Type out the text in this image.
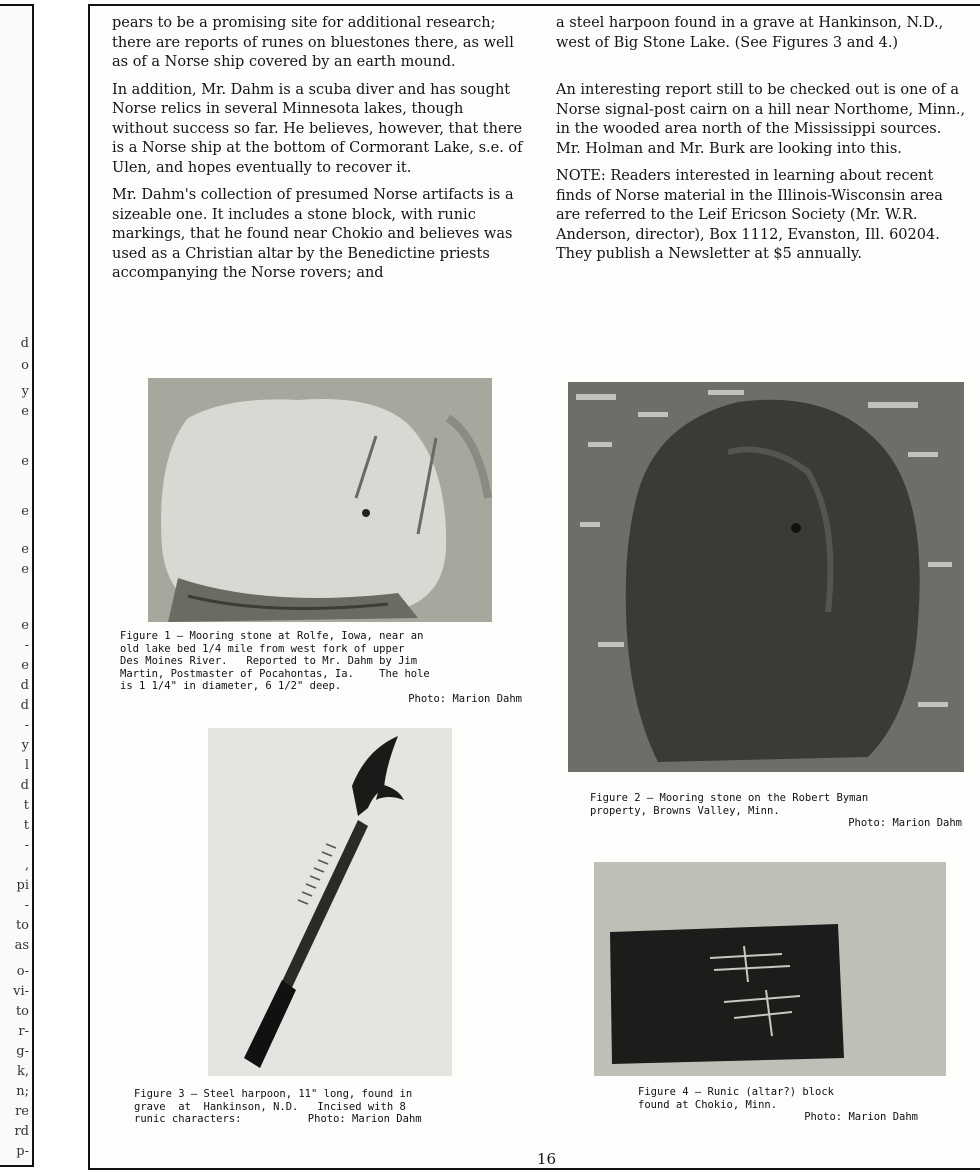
d
o
y
e
e
e
e
e
e
-
e
d
d
-
y
l
d
t
t
-
,
pi
-
to
as
o-
vi-
to
r-
g-
k,
n;
re
rd
p-

pears to be a promising site for additional research; there are reports of runes on bluestones there, as well as of a Norse ship covered by an earth mound.

In addition, Mr. Dahm is a scuba diver and has sought Norse relics in several Minnesota lakes, though without success so far. He believes, however, that there is a Norse ship at the bottom of Cormorant Lake, s.e. of Ulen, and hopes eventually to recover it.

Mr. Dahm's collection of presumed Norse artifacts is a sizeable one. It includes a stone block, with runic markings, that he found near Chokio and believes was used as a Christian altar by the Benedictine priests accompanying the Norse rovers; and

a steel harpoon found in a grave at Hankinson, N.D., west of Big Stone Lake. (See Figures 3 and 4.)

An interesting report still to be checked out is one of a Norse signal-post cairn on a hill near Northome, Minn., in the wooded area north of the Mississippi sources. Mr. Holman and Mr. Burk are looking into this.

NOTE: Readers interested in learning about recent finds of Norse material in the Illinois-Wisconsin area are referred to the Leif Ericson Society (Mr. W.R. Anderson, director), Box 1112, Evanston, Ill. 60204. They publish a Newsletter at $5 annually.

Figure 1 — Mooring stone at Rolfe, Iowa, near an
old lake bed 1/4 mile from west fork of upper
Des Moines River.   Reported to Mr. Dahm by Jim
Martin, Postmaster of Pocahontas, Ia.    The hole
is 1 1/4" in diameter, 6 1/2" deep.
Photo: Marion Dahm
Figure 3 — Steel harpoon, 11" long, found in
grave  at  Hankinson, N.D.   Incised with 8
runic characters:	Photo: Marion Dahm
Figure 2 — Mooring stone on the Robert Byman
property, Browns Valley, Minn.
Photo: Marion Dahm
Figure 4 — Runic (altar?) block
found at Chokio, Minn.
Photo: Marion Dahm
16
